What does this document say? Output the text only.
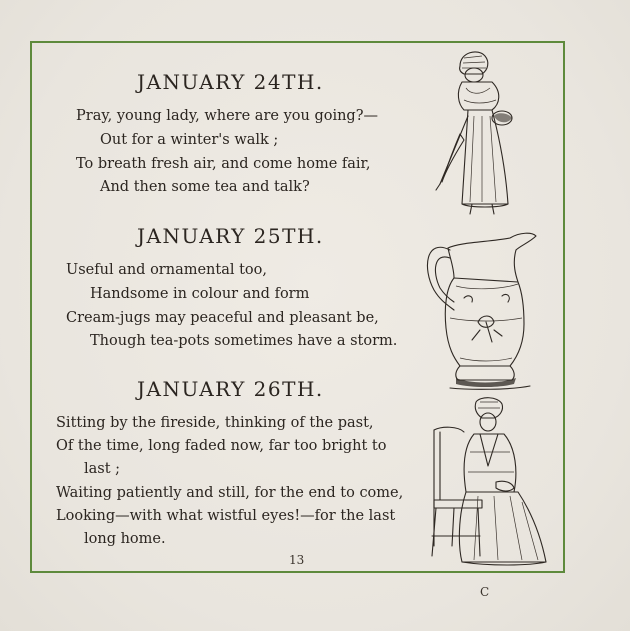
JANUARY 24TH.
Pray, young lady, where are you going?—
Out for a winter's walk ;
To breath fresh air, and come home fair,
And then some tea and talk?
JANUARY 25TH.
Useful and ornamental too,
Handsome in colour and form
Cream-jugs may peaceful and pleasant be,
Though tea-pots sometimes have a storm.
JANUARY 26TH.
Sitting by the fireside, thinking of the past,
Of the time, long faded now, far too bright to
last ;
Waiting patiently and still, for the end to come,
Looking—with what wistful eyes!—for the last
long home.
13
C
